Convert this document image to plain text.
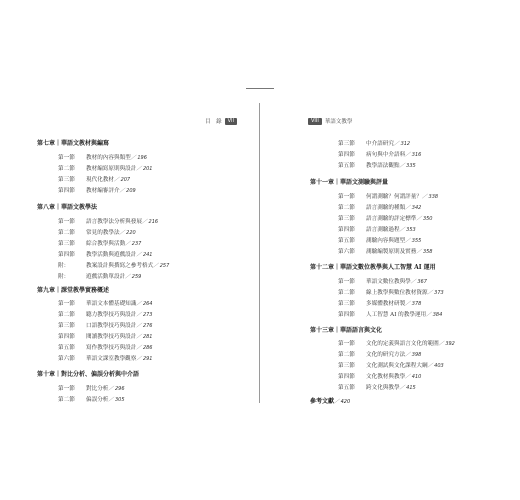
目　錄	VII
第七章｜華語文教材與編寫
第一節 教材的內容與類型／ 196
第二節 教材編寫原則與設計／ 201
第三節 現代化教材／ 207
第四節 教材編審評介／ 209
第八章｜華語文教學法
第一節 語言教學法分析與發展／ 216
第二節 常見的教學法／ 220
第三節 綜合教學與活動／ 237
第四節 教學活動與遊戲設計／ 241
附：	教案設計與撰寫之參考格式／ 257
附：	遊戲活動單設計／ 259
第九章｜課堂教學實務概述
第一節 華語文本體基礎知識／ 264
第二節 聽力教學技巧與設計／ 273
第三節 口語教學技巧與設計／ 276
第四節 閱讀教學技巧與設計／ 281
第五節 寫作教學技巧與設計／ 286
第六節 華語文課室教學觀察／ 291
第十章｜對比分析、偏誤分析與中介語
第一節 對比分析／ 296
第二節 偏誤分析／ 305
VIII	華語文教學
第三節 中介語研究／ 312
第四節 病句與中介語料／ 316
第五節 教學語法觀點／ 335
第十一章｜華語文測驗與評量
第一節 何謂測驗？何謂評量？／ 338
第二節 語言測驗的種類／ 342
第三節 語言測驗的評定標準／ 350
第四節 語言測驗過程／ 353
第五節 測驗內容與題型／ 355
第六節 測驗編製原則及實務／ 358
第十二章｜華語文數位教學與人工智慧 AI 運用
第一節 華語文數位教與學／ 367
第二節 線上教學與數位教材資源／ 373
第三節 多媒體教材研製／ 378
第四節 人工智慧 AI 的教學運用／ 384
第十三章｜華語語言與文化
第一節 文化的定義與語言文化的範圍／ 392
第二節 文化的研究方法／ 398
第三節 文化測試與文化課程大綱／ 403
第四節 文化教材與教學／ 410
第五節 跨文化與教學／ 415
參考文獻／ 420
